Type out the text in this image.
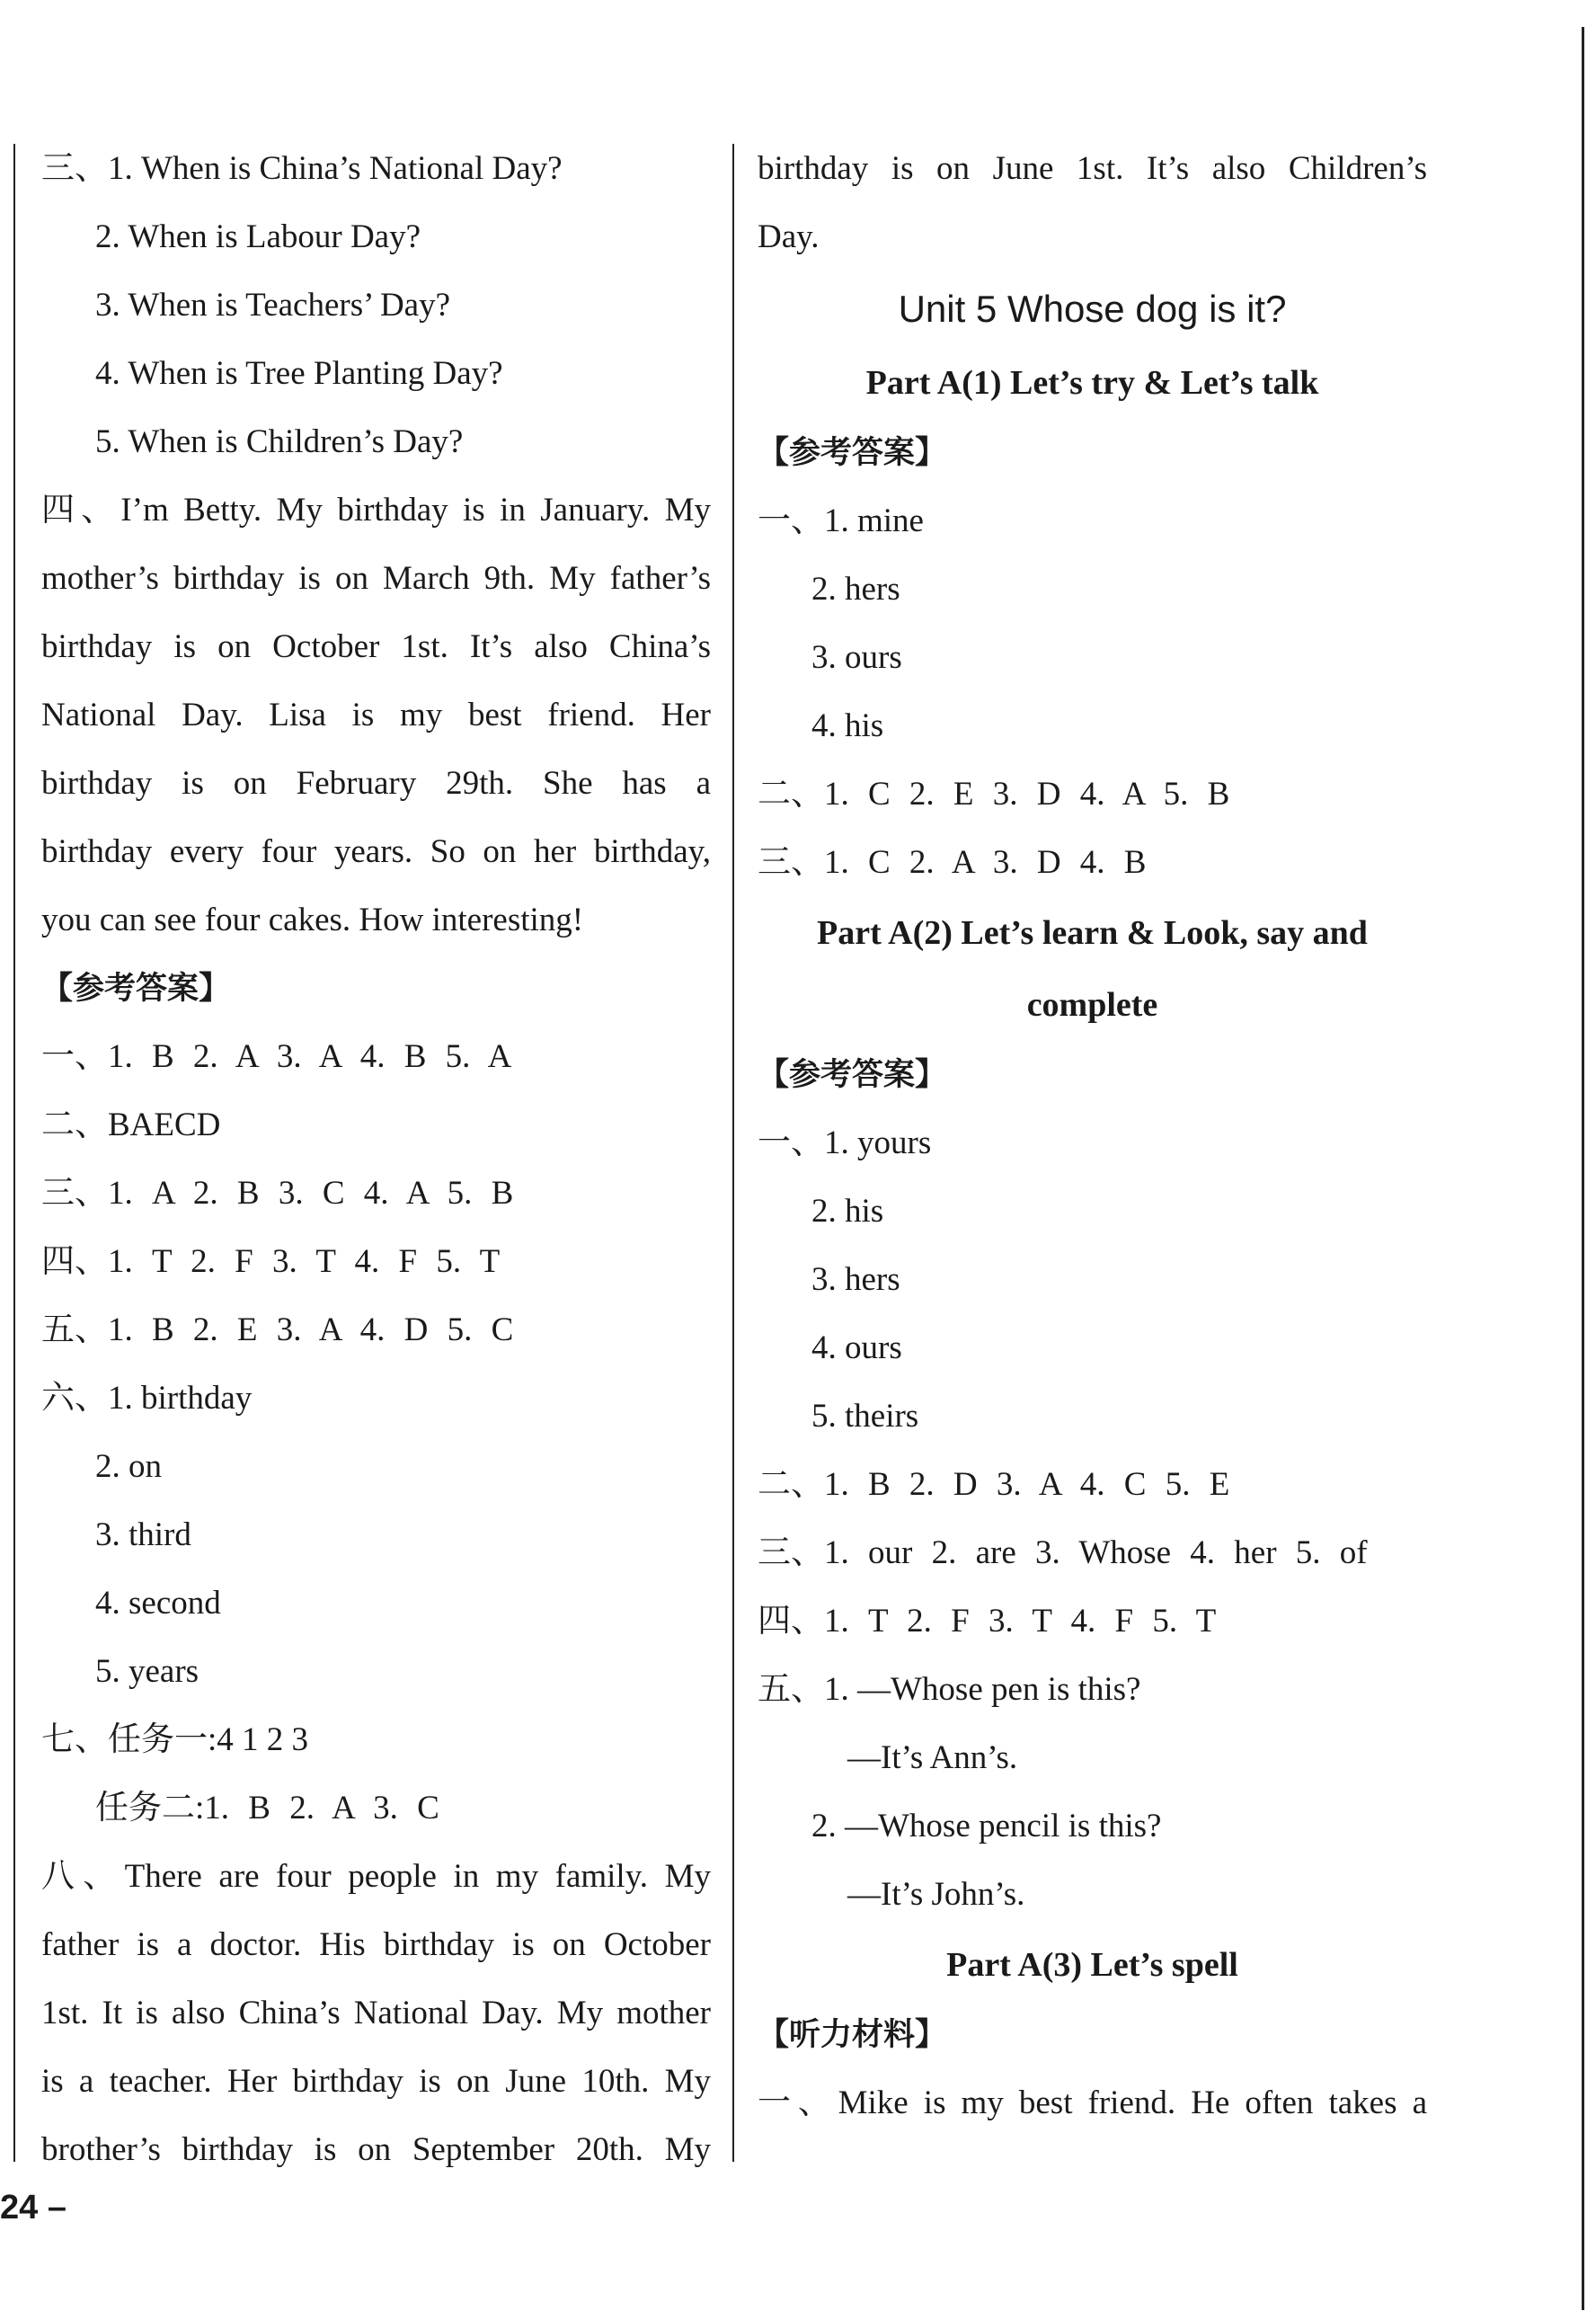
三、1. When is China’s National Day?

2. When is Labour Day?

3. When is Teachers’ Day?

4. When is Tree Planting Day?

5. When is Children’s Day?

四、I’m Betty. My birthday is in January. My

mother’s birthday is on March 9th. My father’s

birthday is on October 1st. It’s also China’s

National Day. Lisa is my best friend. Her

birthday is on February 29th. She has a

birthday every four years. So on her birthday,

you can see four cakes. How interesting!

【参考答案】

一、1. B 2. A 3. A 4. B 5. A

二、BAECD

三、1. A 2. B 3. C 4. A 5. B

四、1. T 2. F 3. T 4. F 5. T

五、1. B 2. E 3. A 4. D 5. C

六、1. birthday

2. on

3. third

4. second

5. years

七、任务一:4 1 2 3

任务二:1. B 2. A 3. C

八、There are four people in my family. My

father is a doctor. His birthday is on October

1st. It is also China’s National Day. My mother

is a teacher. Her birthday is on June 10th. My

brother’s birthday is on September 20th. My

birthday is on June 1st. It’s also Children’s

Day.

Unit 5 Whose dog is it?

Part A(1) Let’s try & Let’s talk

【参考答案】

一、1. mine

2. hers

3. ours

4. his

二、1. C 2. E 3. D 4. A 5. B

三、1. C 2. A 3. D 4. B

Part A(2) Let’s learn & Look, say and

complete

【参考答案】

一、1. yours

2. his

3. hers

4. ours

5. theirs

二、1. B 2. D 3. A 4. C 5. E

三、1. our 2. are 3. Whose 4. her 5. of

四、1. T 2. F 3. T 4. F 5. T

五、1. —Whose pen is this?

—It’s Ann’s.

2. —Whose pencil is this?

—It’s John’s.

Part A(3) Let’s spell

【听力材料】

一、Mike is my best friend. He often takes a

24 –
